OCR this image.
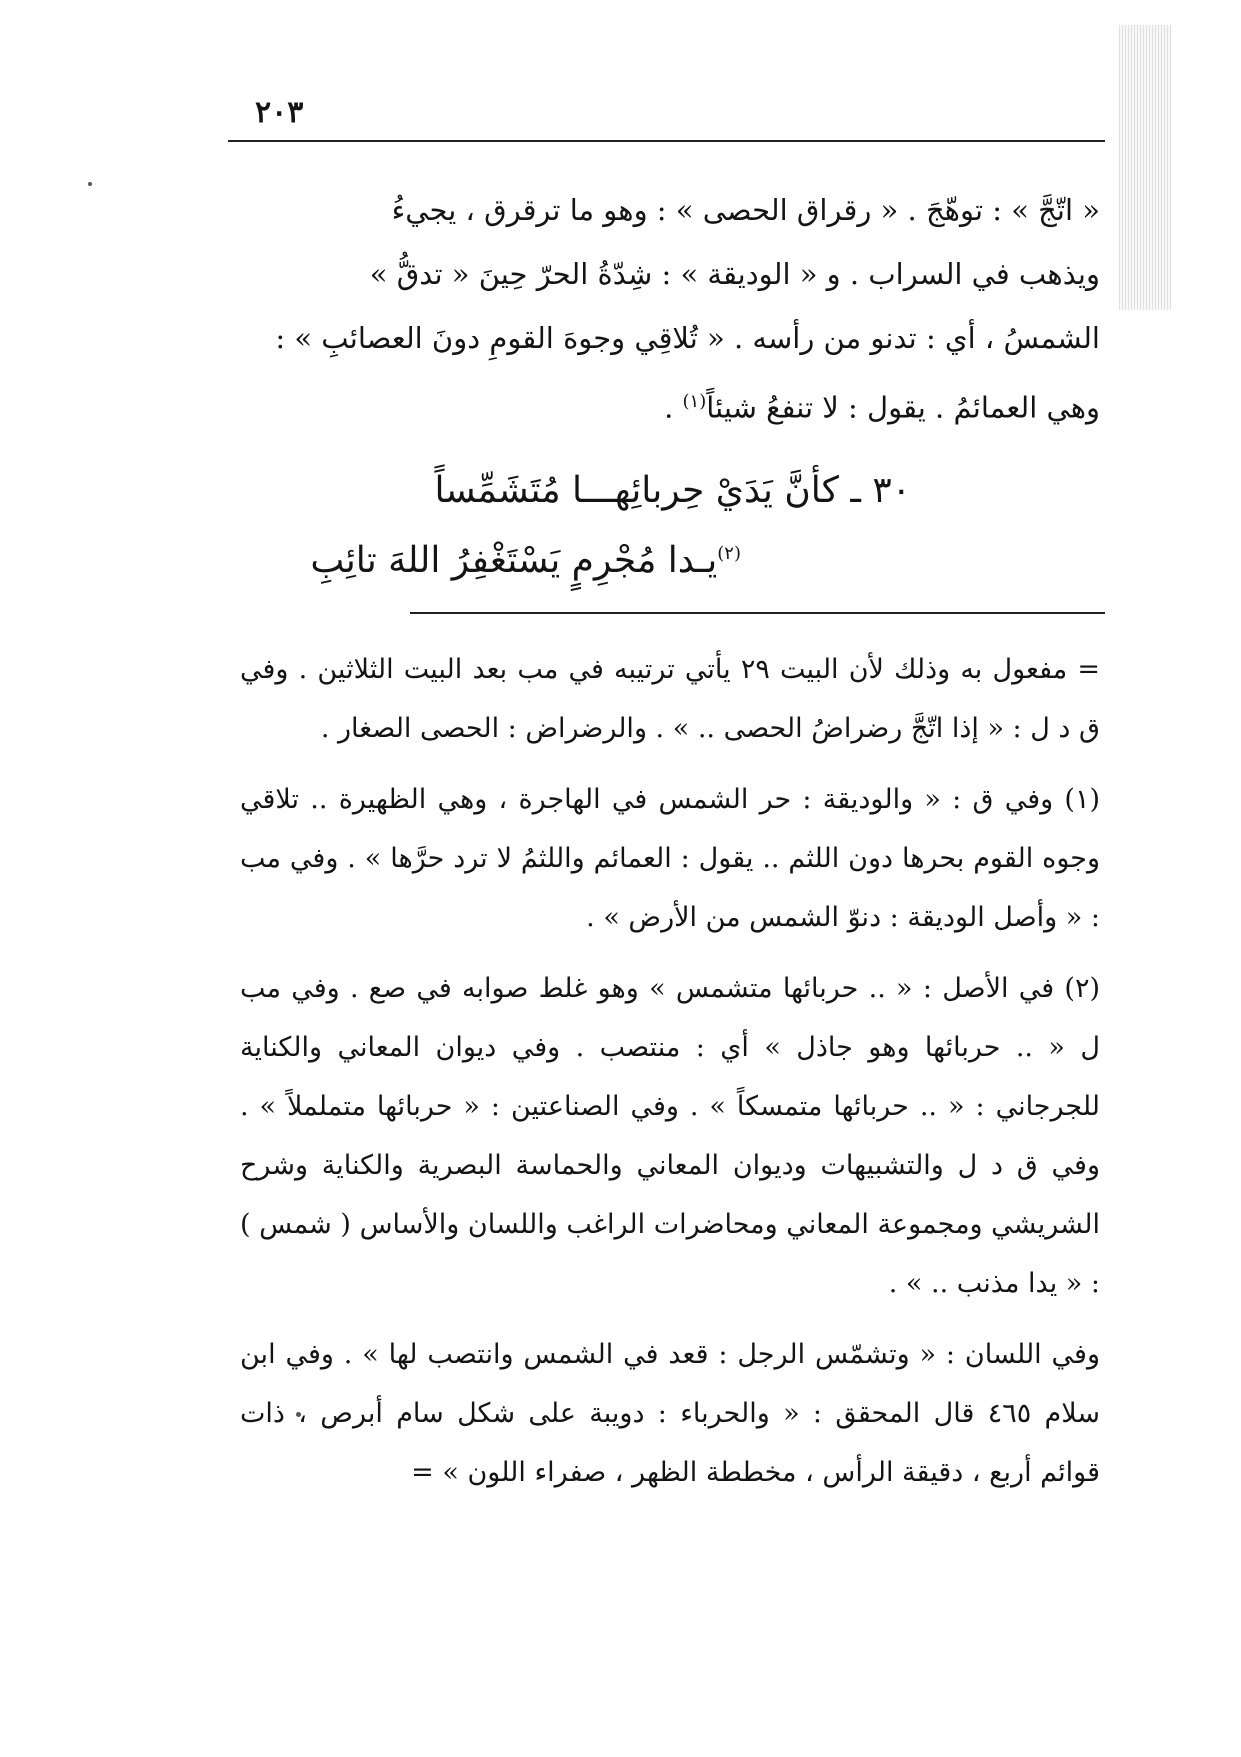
٢٠٣

« اتّجَّ » : توهّجَ . « رقراق الحصى » : وهو ما ترقرق ، يجيءُ

ويذهب في السراب . و « الوديقة » : شِدّةُ الحرّ حِينَ « تدقُّ »

الشمسُ ، أي : تدنو من رأسه . « تُلاقِي وجوهَ القومِ دونَ العصائبِ » :

وهي العمائمُ . يقول : لا تنفعُ شيئاً$^{(١)}$ .

٣٠ ـ كأنَّ يَدَيْ حِربائِهـــا مُتَشَمِّساً
$^{(٢)}$يـدا مُجْرِمٍ يَسْتَغْفِرُ اللهَ تائِبِ

= مفعول به وذلك لأن البيت ٢٩ يأتي ترتيبه في مب بعد البيت الثلاثين . وفي ق د ل : « إذا اتّجَّ رضراضُ الحصى .. » . والرضراض : الحصى الصغار .

(١) وفي ق : « والوديقة : حر الشمس في الهاجرة ، وهي الظهيرة .. تلاقي وجوه القوم بحرها دون اللثم .. يقول : العمائم واللثمُ لا ترد حرَّها » . وفي مب : « وأصل الوديقة : دنوّ الشمس من الأرض » .

(٢) في الأصل : « .. حربائها متشمس » وهو غلط صوابه في صع . وفي مب ل « .. حربائها وهو جاذل » أي : منتصب . وفي ديوان المعاني والكناية للجرجاني : « .. حربائها متمسكاً » . وفي الصناعتين : « حربائها متململاً » . وفي ق د ل والتشبيهات وديوان المعاني والحماسة البصرية والكناية وشرح الشريشي ومجموعة المعاني ومحاضرات الراغب واللسان والأساس ( شمس ) : « يدا مذنب .. » .

وفي اللسان : « وتشمّس الرجل : قعد في الشمس وانتصب لها » . وفي ابن سلام ٤٦٥ قال المحقق : « والحرباء : دويبة على شكل سام أبرص ، ذات قوائم أربع ، دقيقة الرأس ، مخططة الظهر ، صفراء اللون » =
